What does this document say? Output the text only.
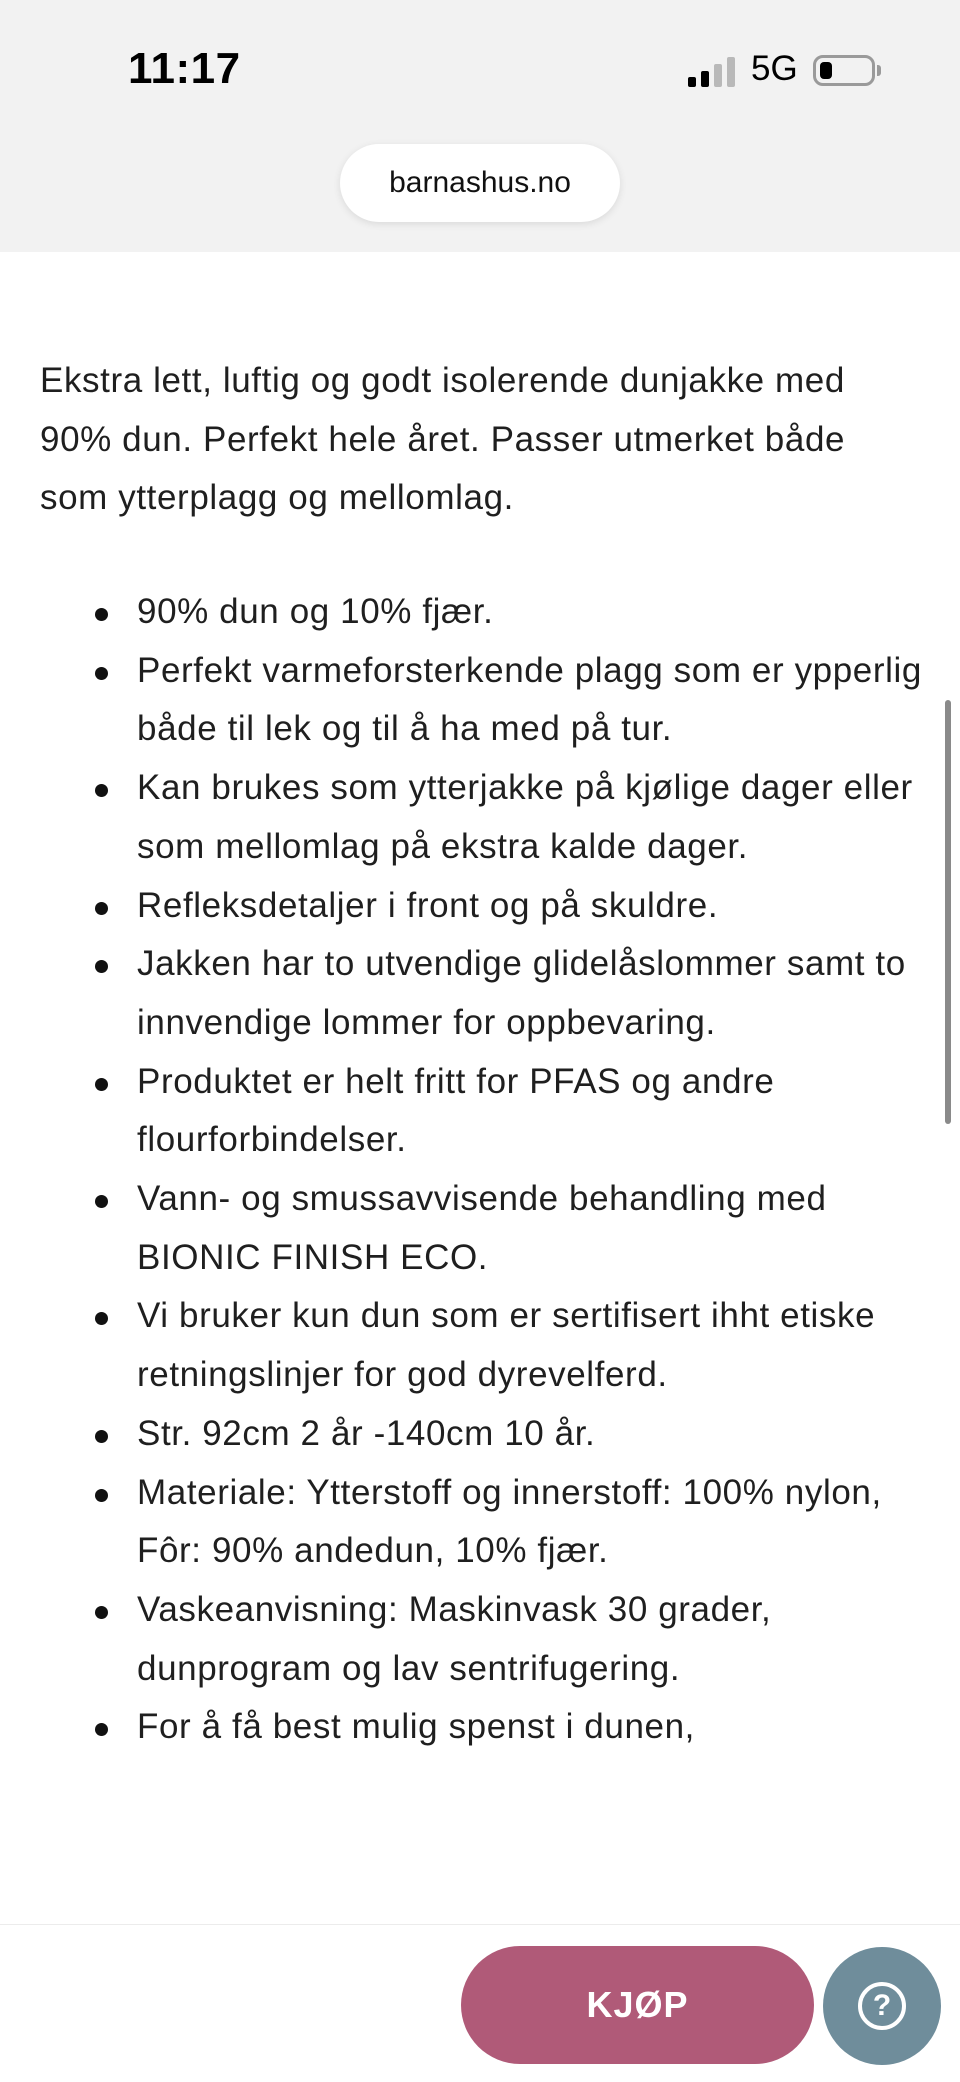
Ekstra lett, luftig og godt isolerende dunjakke med 90% dun. Perfekt hele året. Passer utmerket både som ytterplagg og mellomlag.

90% dun og 10% fjær.
Perfekt varmeforsterkende plagg som er ypperlig både til lek og til å ha med på tur.
Kan brukes som ytterjakke på kjølige dager eller som mellomlag på ekstra kalde dager.
Refleksdetaljer i front og på skuldre.
Jakken har to utvendige glidelåslommer samt to innvendige lommer for oppbevaring.
Produktet er helt fritt for PFAS og andre flourforbindelser.
Vann- og smussavvisende behandling med BIONIC FINISH ECO.
Vi bruker kun dun som er sertifisert ihht etiske retningslinjer for god dyrevelferd.
Str. 92cm 2 år -140cm 10 år.
Materiale: Ytterstoff og innerstoff: 100% nylon, Fôr: 90% andedun, 10% fjær.
Vaskeanvisning: Maskinvask 30 grader, dunprogram og lav sentrifugering.
For å få best mulig spenst i dunen,
11:17	5G
barnashus.no
KJØP	?
